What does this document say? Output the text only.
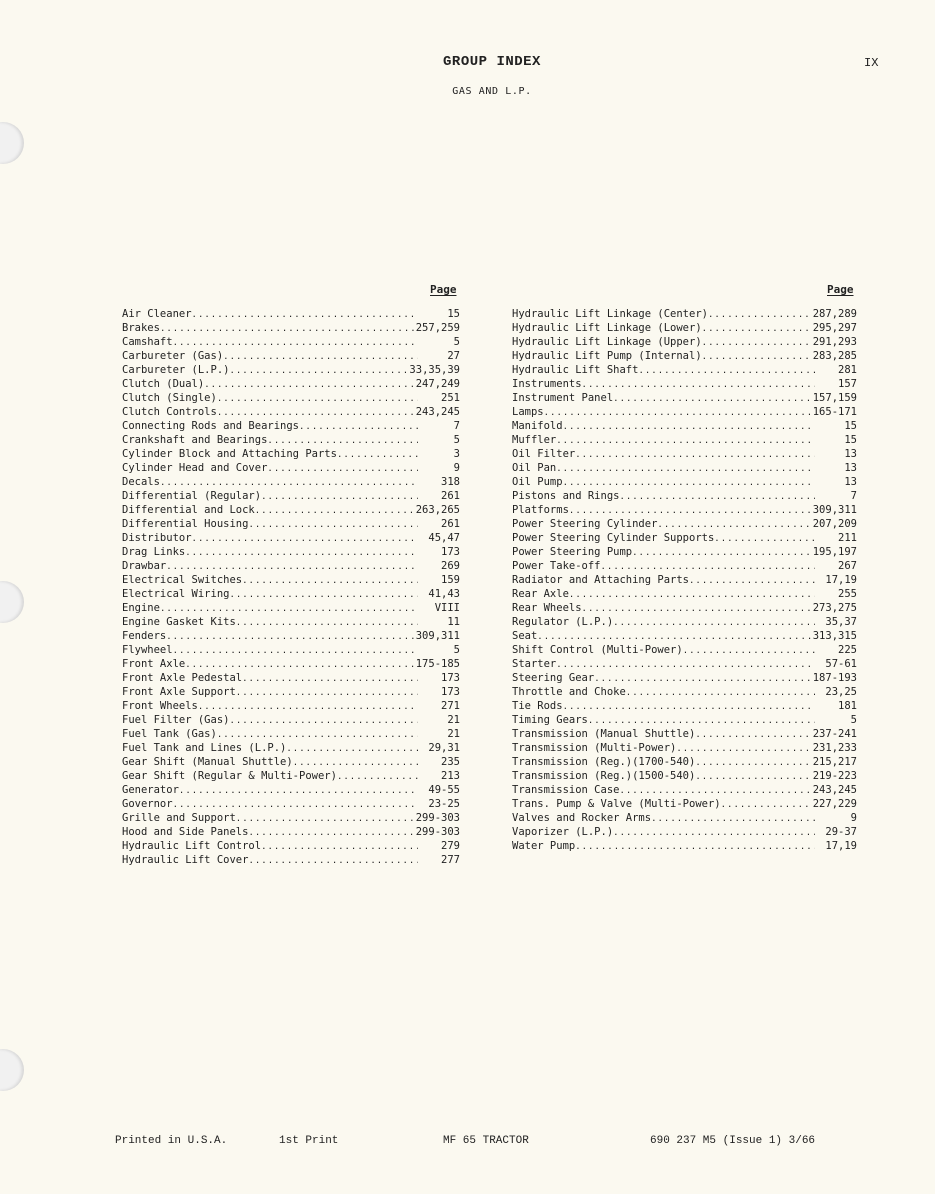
GROUP INDEX
GAS AND L.P.
IX
Page	Page
Air Cleaner .....	15
Brakes .....	257,259
Camshaft .....	5
Carbureter (Gas) .....	27
Carbureter (L.P.) .....	33,35,39
Clutch (Dual) .....	247,249
Clutch (Single) .....	251
Clutch Controls .....	243,245
Connecting Rods and Bearings .....	7
Crankshaft and Bearings .....	5
Cylinder Block and Attaching Parts .....	3
Cylinder Head and Cover .....	9
Decals .....	318
Differential (Regular) .....	261
Differential and Lock .....	263,265
Differential Housing .....	261
Distributor .....	45,47
Drag Links .....	173
Drawbar .....	269
Electrical Switches .....	159
Electrical Wiring .....	41,43
Engine .....	VIII
Engine Gasket Kits .....	11
Fenders .....	309,311
Flywheel .....	5
Front Axle .....	175-185
Front Axle Pedestal .....	173
Front Axle Support .....	173
Front Wheels .....	271
Fuel Filter (Gas) .....	21
Fuel Tank (Gas) .....	21
Fuel Tank and Lines (L.P.) .....	29,31
Gear Shift (Manual Shuttle) .....	235
Gear Shift (Regular & Multi-Power) .....	213
Generator .....	49-55
Governor .....	23-25
Grille and Support .....	299-303
Hood and Side Panels .....	299-303
Hydraulic Lift Control .....	279
Hydraulic Lift Cover .....	277
Hydraulic Lift Linkage (Center) .....	287,289
Hydraulic Lift Linkage (Lower) .....	295,297
Hydraulic Lift Linkage (Upper) .....	291,293
Hydraulic Lift Pump (Internal) .....	283,285
Hydraulic Lift Shaft .....	281
Instruments .....	157
Instrument Panel .....	157,159
Lamps .....	165-171
Manifold .....	15
Muffler .....	15
Oil Filter .....	13
Oil Pan .....	13
Oil Pump .....	13
Pistons and Rings .....	7
Platforms .....	309,311
Power Steering Cylinder .....	207,209
Power Steering Cylinder Supports .....	211
Power Steering Pump .....	195,197
Power Take-off .....	267
Radiator and Attaching Parts .....	17,19
Rear Axle .....	255
Rear Wheels .....	273,275
Regulator (L.P.) .....	35,37
Seat .....	313,315
Shift Control (Multi-Power) .....	225
Starter .....	57-61
Steering Gear .....	187-193
Throttle and Choke .....	23,25
Tie Rods .....	181
Timing Gears .....	5
Transmission (Manual Shuttle) .....	237-241
Transmission (Multi-Power) .....	231,233
Transmission (Reg.)(1700-540) .....	215,217
Transmission (Reg.)(1500-540) .....	219-223
Transmission Case .....	243,245
Trans. Pump & Valve (Multi-Power) .....	227,229
Valves and Rocker Arms .....	9
Vaporizer (L.P.) .....	29-37
Water Pump .....	17,19
Printed in U.S.A.	1st Print	MF 65 TRACTOR	690 237 M5 (Issue 1) 3/66
